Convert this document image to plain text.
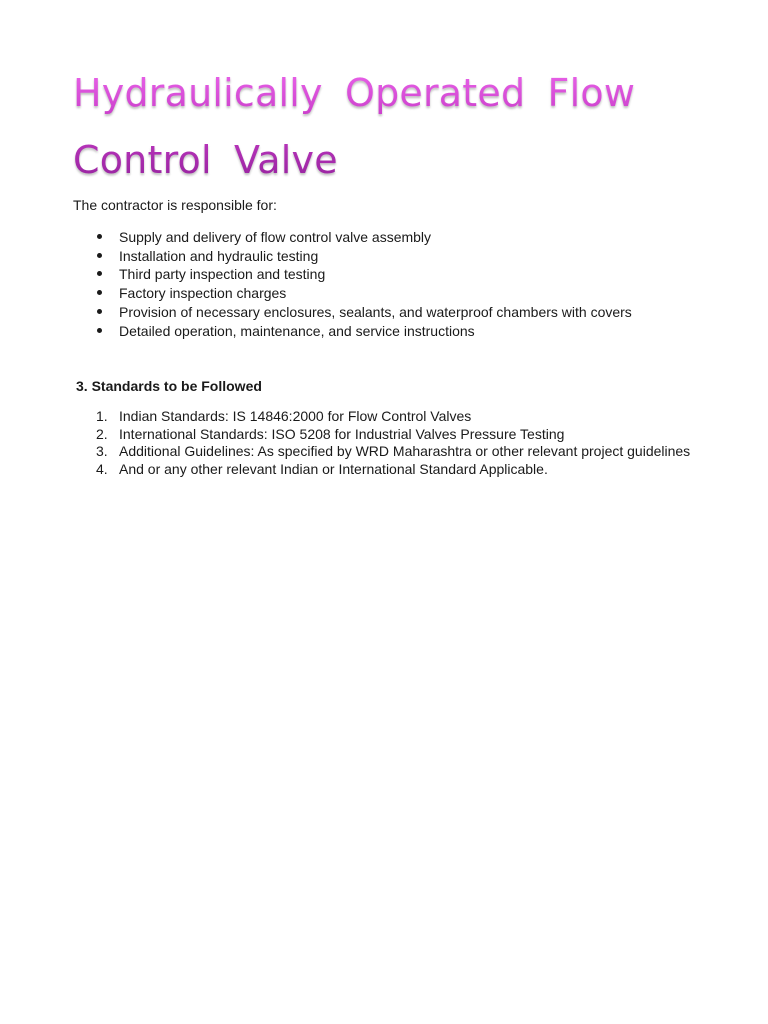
Hydraulically Operated Flow Control Valve

The contractor is responsible for:

Supply and delivery of flow control valve assembly
Installation and hydraulic testing
Third party inspection and testing
Factory inspection charges
Provision of necessary enclosures, sealants, and waterproof chambers with covers
Detailed operation, maintenance, and service instructions

3. Standards to be Followed

1. Indian Standards: IS 14846:2000 for Flow Control Valves
2. International Standards: ISO 5208 for Industrial Valves Pressure Testing
3. Additional Guidelines: As specified by WRD Maharashtra or other relevant project guidelines
4. And or any other relevant Indian or International Standard Applicable.
